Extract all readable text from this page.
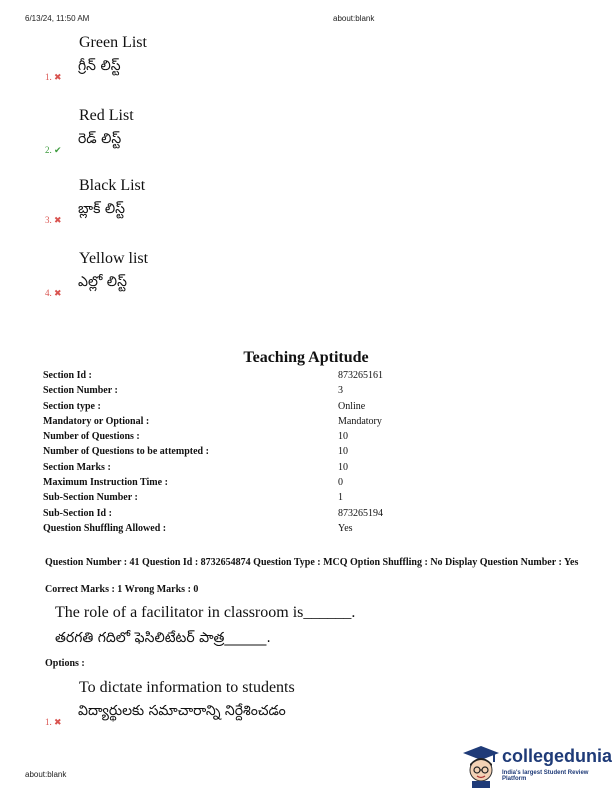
6/13/24, 11:50 AM	about:blank
Green List
గ్రీన్ లిస్ట్
1. ✖
Red List
రెడ్ లిస్ట్
2. ✔
Black List
బ్లాక్ లిస్ట్
3. ✖
Yellow list
ఎల్లో లిస్ట్
4. ✖
Teaching Aptitude
Section Id :	873265161
Section Number :	3
Section type :	Online
Mandatory or Optional :	Mandatory
Number of Questions :	10
Number of Questions to be attempted :	10
Section Marks :	10
Maximum Instruction Time :	0
Sub-Section Number :	1
Sub-Section Id :	873265194
Question Shuffling Allowed :	Yes
Question Number : 41 Question Id : 8732654874 Question Type : MCQ Option Shuffling : No Display Question Number : Yes
Correct Marks : 1 Wrong Marks : 0
The role of a facilitator in classroom is______.
తరగతి గదిలో ఫెసిలిటేటర్ పాత్ర______.
Options :
To dictate information to students
విద్యార్థులకు సమాచారాన్ని నిర్దేశించడం
1. ✖
about:blank
collegedunia
India's largest Student Review Platform
